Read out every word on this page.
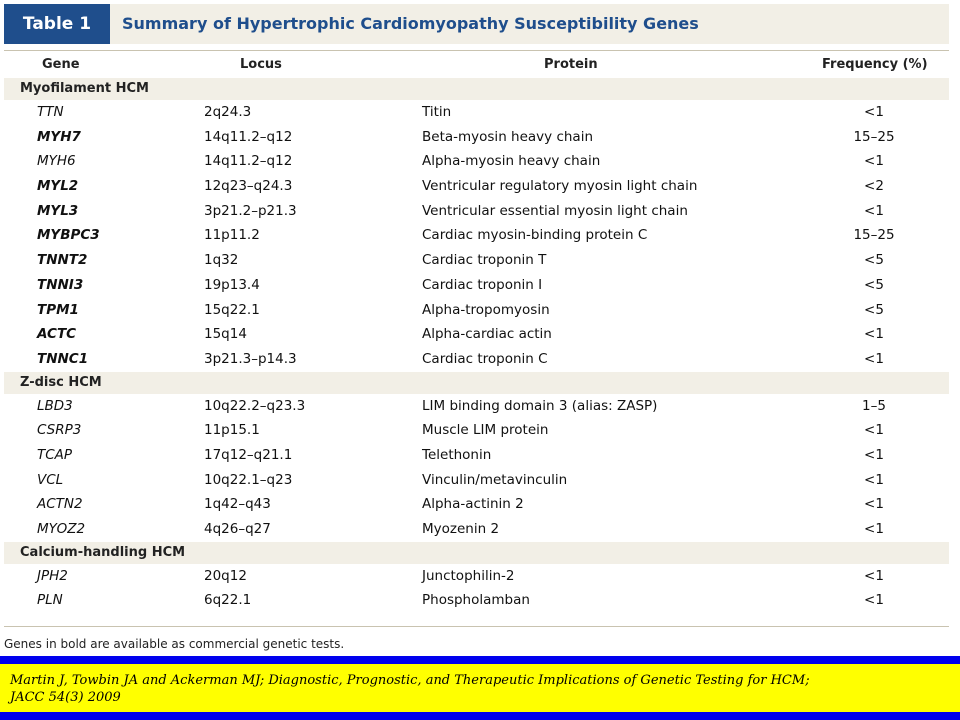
Table 1	Summary of Hypertrophic Cardiomyopathy Susceptibility Genes
Gene	Locus	Protein	Frequency (%)
Myofilament HCM
TTN	2q24.3	Titin	<1
MYH7	14q11.2–q12	Beta-myosin heavy chain	15–25
MYH6	14q11.2–q12	Alpha-myosin heavy chain	<1
MYL2	12q23–q24.3	Ventricular regulatory myosin light chain	<2
MYL3	3p21.2–p21.3	Ventricular essential myosin light chain	<1
MYBPC3	11p11.2	Cardiac myosin-binding protein C	15–25
TNNT2	1q32	Cardiac troponin T	<5
TNNI3	19p13.4	Cardiac troponin I	<5
TPM1	15q22.1	Alpha-tropomyosin	<5
ACTC	15q14	Alpha-cardiac actin	<1
TNNC1	3p21.3–p14.3	Cardiac troponin C	<1
Z-disc HCM
LBD3	10q22.2–q23.3	LIM binding domain 3 (alias: ZASP)	1–5
CSRP3	11p15.1	Muscle LIM protein	<1
TCAP	17q12–q21.1	Telethonin	<1
VCL	10q22.1–q23	Vinculin/metavinculin	<1
ACTN2	1q42–q43	Alpha-actinin 2	<1
MYOZ2	4q26–q27	Myozenin 2	<1
Calcium-handling HCM
JPH2	20q12	Junctophilin-2	<1
PLN	6q22.1	Phospholamban	<1
Genes in bold are available as commercial genetic tests.
Martin J, Towbin JA and Ackerman MJ; Diagnostic, Prognostic, and Therapeutic Implications of Genetic Testing for HCM;
JACC 54(3) 2009
